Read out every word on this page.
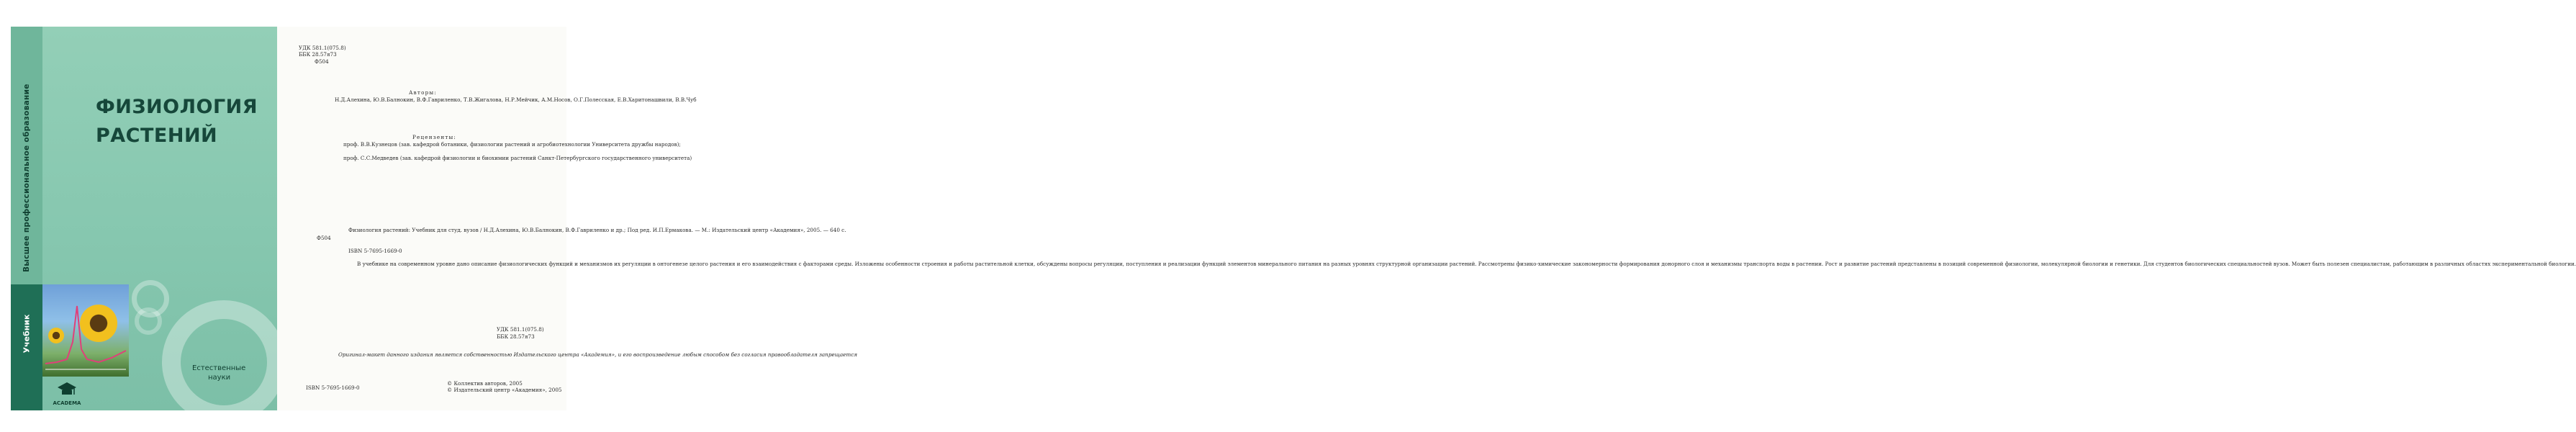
Высшее профессиональное образование
Учебник
ФИЗИОЛОГИЯ
РАСТЕНИЙ
Естественные
науки
ACADEMA
УДК 581.1(075.8)
ББК 28.57я73
Ф504
Авторы:
Н.Д.Алехина, Ю.В.Балнокин, В.Ф.Гавриленко, Т.В.Жигалова, Н.Р.Мейчик, А.М.Носов, О.Г.Полесская, Е.В.Харитонашвили, В.В.Чуб
Рецензенты:
проф. В.В.Кузнецов (зав. кафедрой ботаники, физиологии растений и агробиотехнологии Университета дружбы народов);
проф. С.С.Медведев (зав. кафедрой физиологии и биохимии растений Санкт-Петербургского государственного университета)
Ф504
Физиология растений: Учебник для студ. вузов / Н.Д.Алехина, Ю.В.Балнокин, В.Ф.Гавриленко и др.; Под ред. И.П.Ермакова. — М.: Издательский центр «Академия», 2005. — 640 с.
ISBN 5-7695-1669-0
В учебнике на современном уровне дано описание физиологических функций и механизмов их регуляции в онтогенезе целого растения и его взаимодействия с факторами среды. Изложены особенности строения и работы растительной клетки, обсуждены вопросы регуляции, поступления и реализации функций элементов минерального питания на разных уровнях структурной организации растений. Рассмотрены физико-химические закономерности формирования донорного слоя и механизмы транспорта воды в растении. Рост и развитие растений представлены в позиций современной физиологии, молекулярной биологии и генетики. Для студентов биологических специальностей вузов. Может быть полезен специалистам, работающим в различных областях экспериментальной биологии.
УДК 581.1(075.8)
ББК 28.57я73
Оригинал-макет данного издания является собственностью Издательского центра «Академия», и его воспроизведение любым способом без согласия правообладателя запрещается
ISBN 5-7695-1669-0
© Коллектив авторов, 2005
© Издательский центр «Академия», 2005
